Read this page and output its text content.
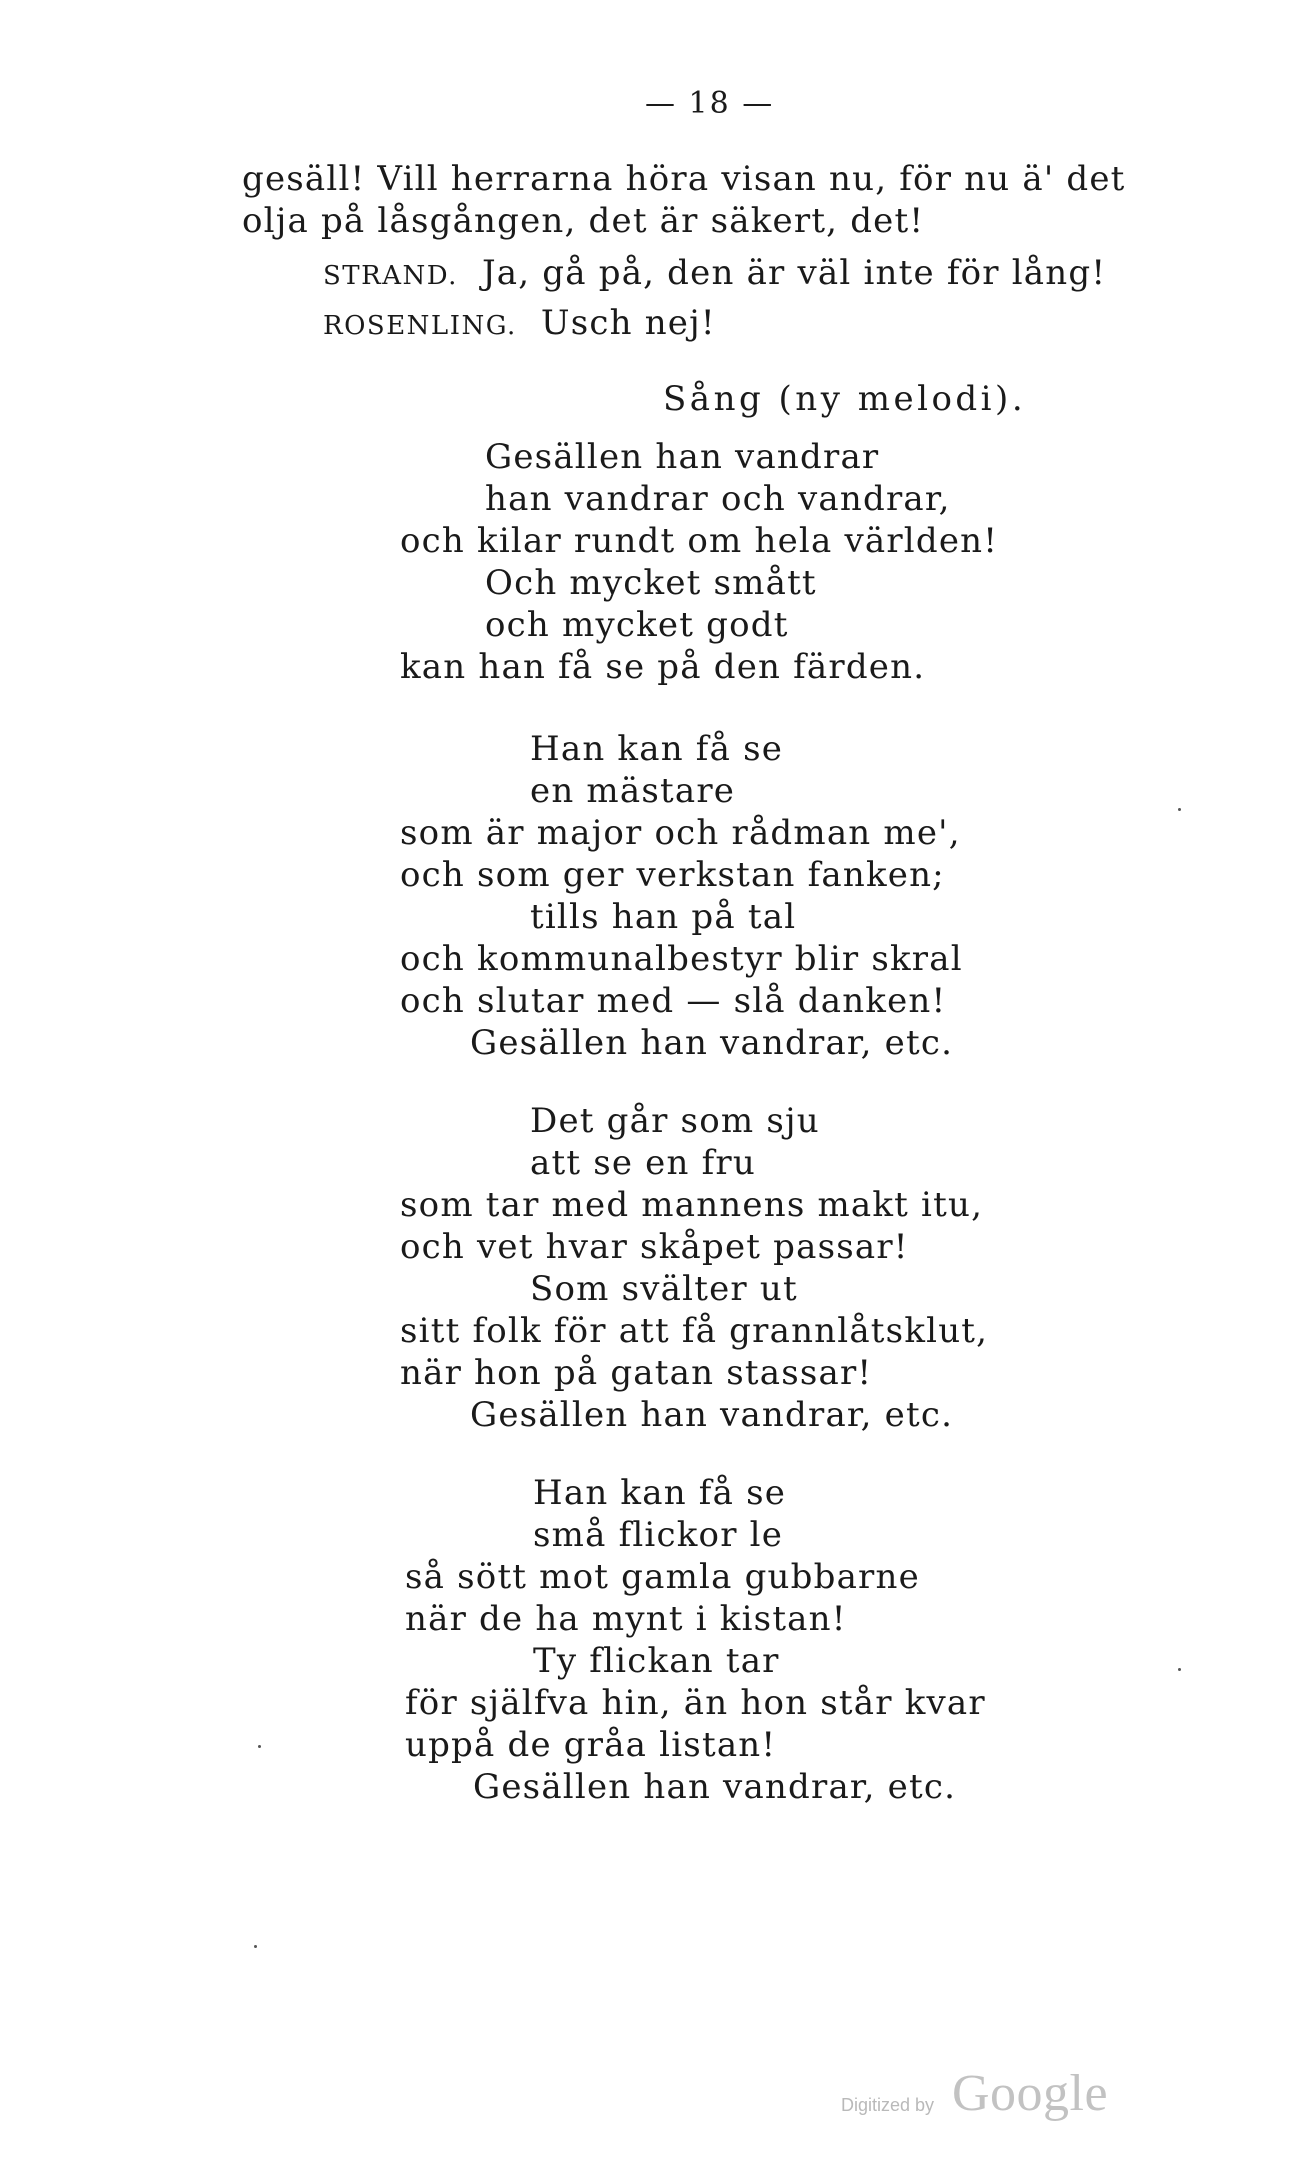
— 18 —
gesäll! Vill herrarna höra visan nu, för nu ä' det
olja på låsgången, det är säkert, det!
STRAND. Ja, gå på, den är väl inte för lång!
ROSENLING. Usch nej!
Sång (ny melodi).
Gesällen han vandrar
han vandrar och vandrar,
och kilar rundt om hela världen!
Och mycket smått
och mycket godt
kan han få se på den färden.
Han kan få se
en mästare
som är major och rådman me',
och som ger verkstan fanken;
tills han på tal
och kommunalbestyr blir skral
och slutar med — slå danken!
Gesällen han vandrar, etc.
Det går som sju
att se en fru
som tar med mannens makt itu,
och vet hvar skåpet passar!
Som svälter ut
sitt folk för att få grannlåtsklut,
när hon på gatan stassar!
Gesällen han vandrar, etc.
Han kan få se
små flickor le
så sött mot gamla gubbarne
när de ha mynt i kistan!
Ty flickan tar
för själfva hin, än hon står kvar
uppå de gråa listan!
Gesällen han vandrar, etc.
Digitized by Google
